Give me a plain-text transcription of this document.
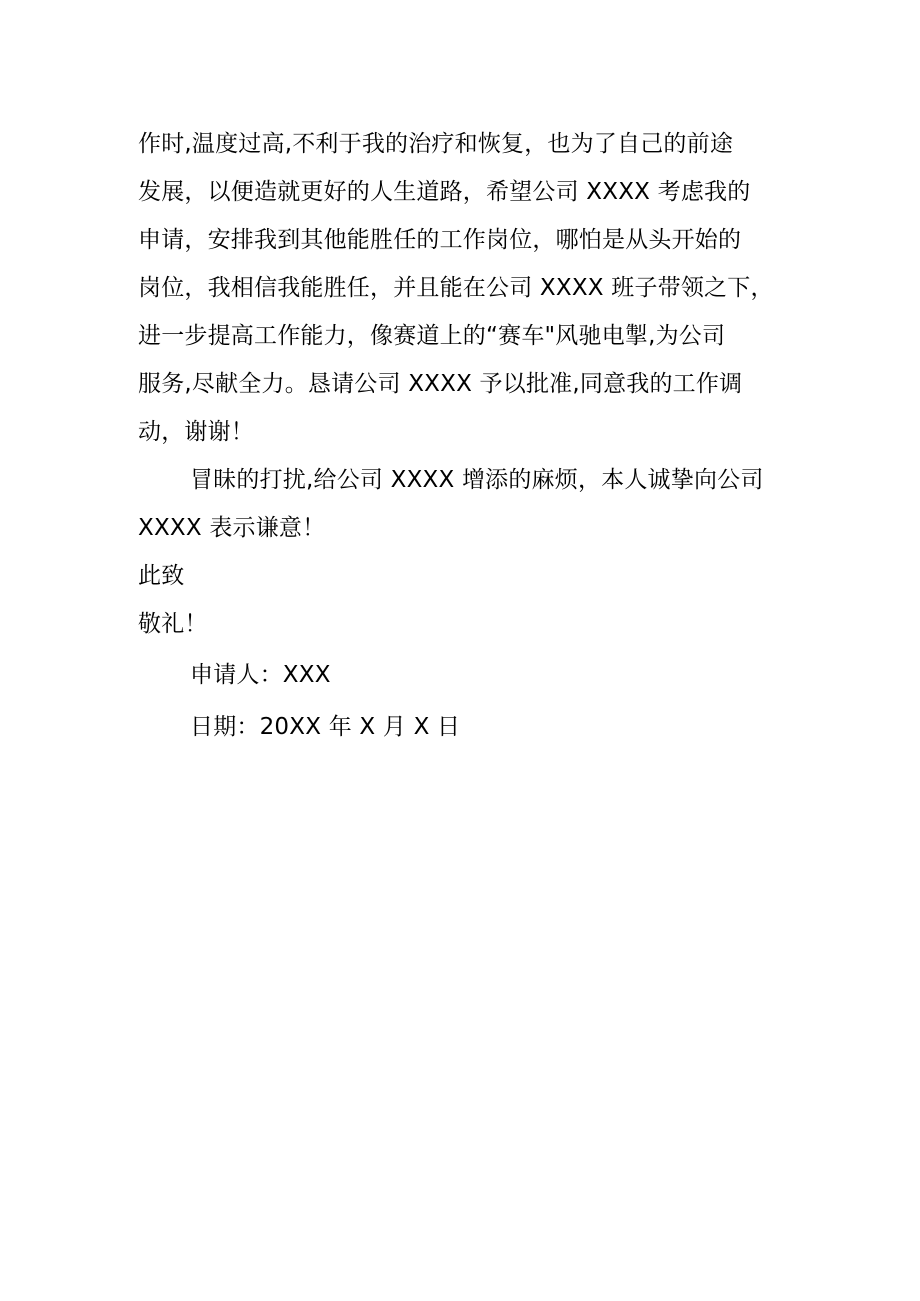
作时,温度过高,不利于我的治疗和恢复，也为了自己的前途
发展，以便造就更好的人生道路，希望公司 XXXX 考虑我的
申请，安排我到其他能胜任的工作岗位，哪怕是从头开始的
岗位，我相信我能胜任，并且能在公司 XXXX 班子带领之下，
进一步提高工作能力，像赛道上的“赛车"风驰电掣,为公司
服务,尽献全力。恳请公司 XXXX 予以批准,同意我的工作调
动，谢谢！
冒昧的打扰,给公司 XXXX 增添的麻烦，本人诚挚向公司
XXXX 表示谦意！
此致
敬礼！
申请人：XXX
日期：20XX 年 X 月 X 日
